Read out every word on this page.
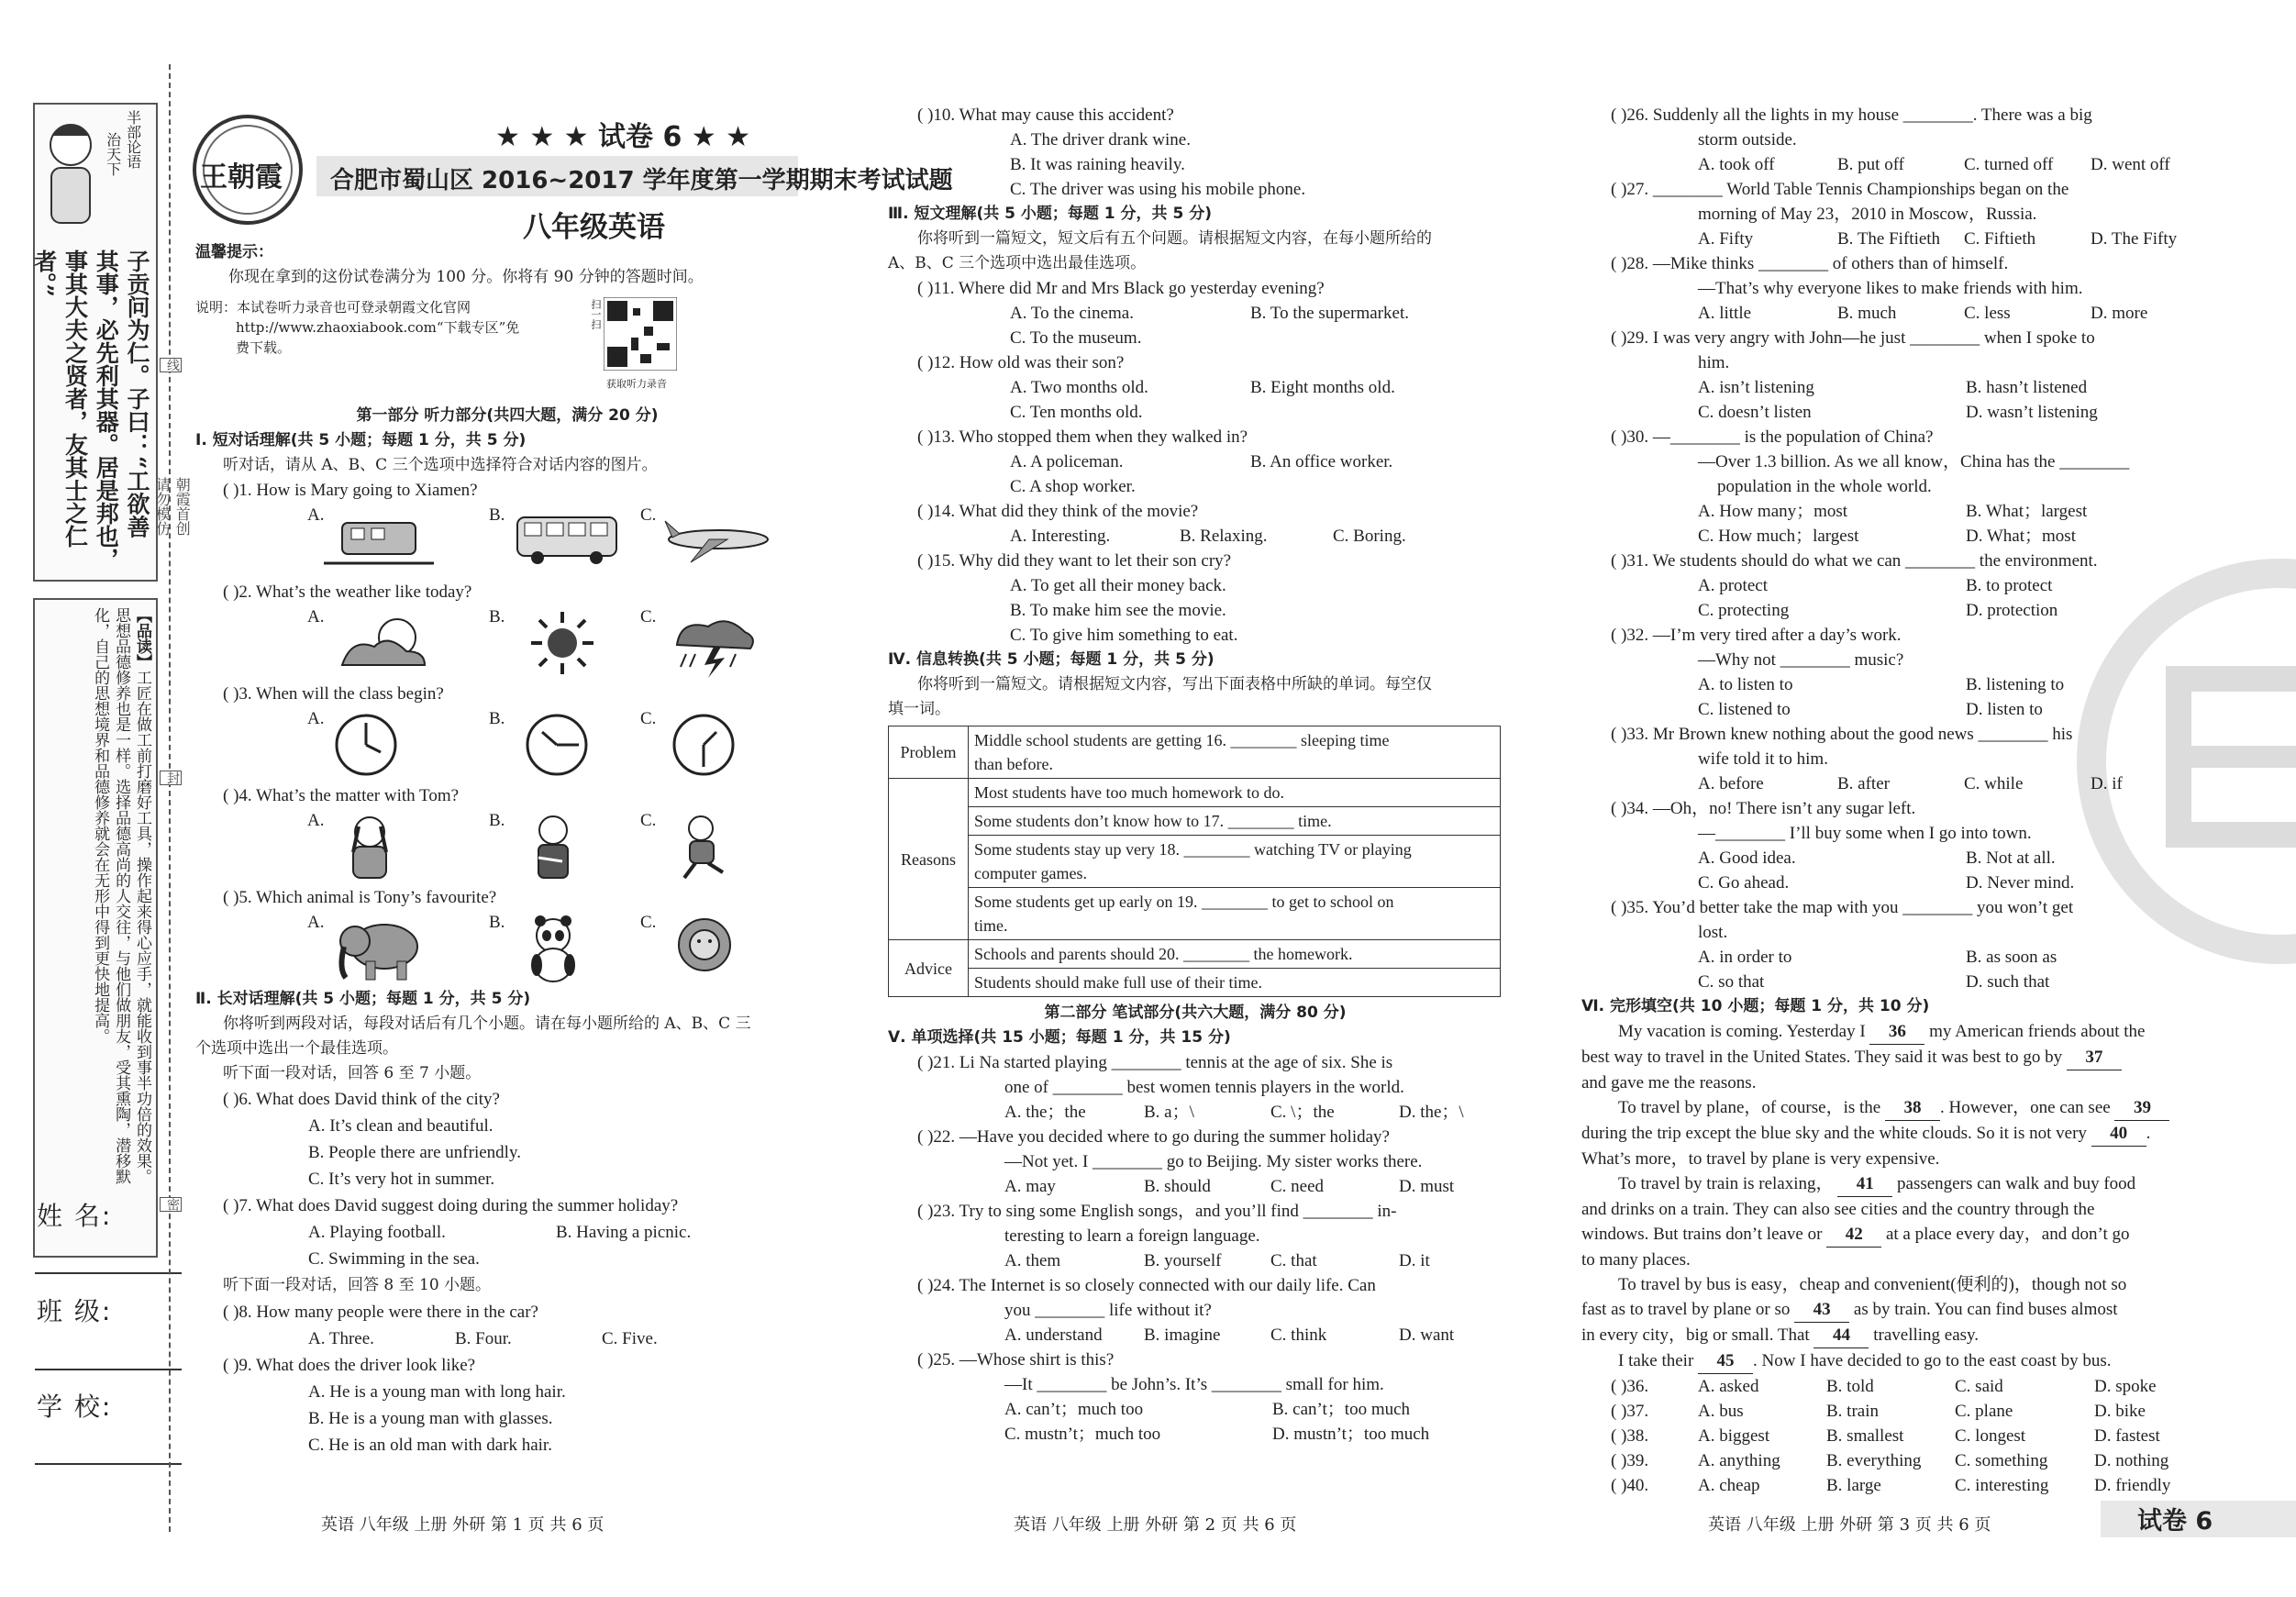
半部论语
治天下
子贡问为仁。子曰：“工欲善
其事，必先利其器。居是邦也，
事其大夫之贤者，友其士之仁者。”
【品读】工匠在做工前打磨好工具，操作起来得心应手，就能收到事半功倍的效果。
思想品德修养也是一样。选择品德高尚的人交往，与他们做朋友，受其熏陶，潜移默
化，自己的思想境界和品德修养就会在无形中得到更快地提高。
姓 名:
班 级:
学 校:
线
封
密
朝霞首创
请勿模仿
王朝霞
★ ★ ★ 试卷 6 ★ ★
合肥市蜀山区 2016~2017 学年度第一学期期末考试试题
八年级英语

温馨提示：

你现在拿到的这份试卷满分为 100 分。你将有 90 分钟的答题时间。

说明：本试卷听力录音也可登录朝霞文化官网

http://www.zhaoxiabook.com“下载专区”免

费下载。

扫一扫
获取听力录音

第一部分 听力部分(共四大题，满分 20 分)

Ⅰ. 短对话理解(共 5 小题；每题 1 分，共 5 分)

听对话，请从 A、B、C 三个选项中选择符合对话内容的图片。

( )1. How is Mary going to Xiamen?

A.	B.	C.

( )2. What’s the weather like today?

A.	B.	C.

( )3. When will the class begin?

A.	B.	C.

( )4. What’s the matter with Tom?

A.	B.	C.

( )5. Which animal is Tony’s favourite?

A.	B.	C.

Ⅱ. 长对话理解(共 5 小题；每题 1 分，共 5 分)

你将听到两段对话，每段对话后有几个小题。请在每小题所给的 A、B、C 三

个选项中选出一个最佳选项。

听下面一段对话，回答 6 至 7 小题。

( )6. What does David think of the city?

A. It’s clean and beautiful.

B. People there are unfriendly.

C. It’s very hot in summer.

( )7. What does David suggest doing during the summer holiday?

A. Playing football.	B. Having a picnic.

C. Swimming in the sea.

听下面一段对话，回答 8 至 10 小题。

( )8. How many people were there in the car?

A. Three.	B. Four.	C. Five.

( )9. What does the driver look like?

A. He is a young man with long hair.

B. He is a young man with glasses.

C. He is an old man with dark hair.

( )10. What may cause this accident?

A. The driver drank wine.

B. It was raining heavily.

C. The driver was using his mobile phone.

Ⅲ. 短文理解(共 5 小题；每题 1 分，共 5 分)

你将听到一篇短文，短文后有五个问题。请根据短文内容，在每小题所给的

A、B、C 三个选项中选出最佳选项。

( )11. Where did Mr and Mrs Black go yesterday evening?

A. To the cinema.	B. To the supermarket.

C. To the museum.

( )12. How old was their son?

A. Two months old.	B. Eight months old.

C. Ten months old.

( )13. Who stopped them when they walked in?

A. A policeman.	B. An office worker.

C. A shop worker.

( )14. What did they think of the movie?

A. Interesting.	B. Relaxing.	C. Boring.

( )15. Why did they want to let their son cry?

A. To get all their money back.

B. To make him see the movie.

C. To give him something to eat.

Ⅳ. 信息转换(共 5 小题；每题 1 分，共 5 分)

你将听到一篇短文。请根据短文内容，写出下面表格中所缺的单词。每空仅

填一词。

Problem	Middle school students are getting 16. ________ sleeping time
than before.
Reasons	Most students have too much homework to do.
	Some students don’t know how to 17. ________ time.
	Some students stay up very 18. ________ watching TV or playing
computer games.
	Some students get up early on 19. ________ to get to school on
time.
Advice	Schools and parents should 20. ________ the homework.
	Students should make full use of their time.

第二部分 笔试部分(共六大题，满分 80 分)

Ⅴ. 单项选择(共 15 小题；每题 1 分，共 15 分)

( )21. Li Na started playing ________ tennis at the age of six. She is

one of ________ best women tennis players in the world.

A. the；the	B. a；\	C. \；the	D. the；\

( )22. —Have you decided where to go during the summer holiday?

—Not yet. I ________ go to Beijing. My sister works there.

A. may	B. should	C. need	D. must

( )23. Try to sing some English songs，and you’ll find ________ in-

teresting to learn a foreign language.

A. them	B. yourself	C. that	D. it

( )24. The Internet is so closely connected with our daily life. Can

you ________ life without it?

A. understand B. imagine	C. think	D. want

( )25. —Whose shirt is this?

—It ________ be John’s. It’s ________ small for him.

A. can’t；much too	B. can’t；too much

C. mustn’t；much too	D. mustn’t；too much

( )26. Suddenly all the lights in my house ________. There was a big

storm outside.

A. took off	B. put off	C. turned off D. went off

( )27. ________ World Table Tennis Championships began on the

morning of May 23，2010 in Moscow，Russia.

A. Fifty	B. The Fiftieth C. Fiftieth	D. The Fifty

( )28. —Mike thinks ________ of others than of himself.

—That’s why everyone likes to make friends with him.

A. little	B. much	C. less	D. more

( )29. I was very angry with John—he just ________ when I spoke to

him.

A. isn’t listening	B. hasn’t listened

C. doesn’t listen	D. wasn’t listening

( )30. —________ is the population of China?

—Over 1.3 billion. As we all know，China has the ________

population in the whole world.

A. How many；most	B. What；largest

C. How much；largest	D. What；most

( )31. We students should do what we can ________ the environment.

A. protect	B. to protect

C. protecting	D. protection

( )32. —I’m very tired after a day’s work.

—Why not ________ music?

A. to listen to	B. listening to

C. listened to	D. listen to

( )33. Mr Brown knew nothing about the good news ________ his

wife told it to him.

A. before	B. after	C. while	D. if

( )34. —Oh，no! There isn’t any sugar left.

—________ I’ll buy some when I go into town.

A. Good idea.	B. Not at all.

C. Go ahead.	D. Never mind.

( )35. You’d better take the map with you ________ you won’t get

lost.

A. in order to	B. as soon as

C. so that	D. such that

Ⅵ. 完形填空(共 10 小题；每题 1 分，共 10 分)

My vacation is coming. Yesterday I 36 my American friends about the

best way to travel in the United States. They said it was best to go by 37

and gave me the reasons.

To travel by plane，of course，is the 38 . However，one can see 39

during the trip except the blue sky and the white clouds. So it is not very 40 .

What’s more，to travel by plane is very expensive.

To travel by train is relaxing， 41 passengers can walk and buy food

and drinks on a train. They can also see cities and the country through the

windows. But trains don’t leave or 42 at a place every day，and don’t go

to many places.

To travel by bus is easy，cheap and convenient(便利的)，though not so

fast as to travel by plane or so 43 as by train. You can find buses almost

in every city，big or small. That 44 travelling easy.

I take their 45 . Now I have decided to go to the east coast by bus.

( )36.	A. asked	B. told	C. said	D. spoke

( )37.	A. bus	B. train	C. plane	D. bike

( )38.	A. biggest	B. smallest	C. longest	D. fastest

( )39.	A. anything	B. everything C. something	D. nothing

( )40.	A. cheap	B. large	C. interesting	D. friendly

英语 八年级 上册 外研 第 1 页 共 6 页	英语 八年级 上册 外研 第 2 页 共 6 页	英语 八年级 上册 外研 第 3 页 共 6 页	试卷 6
